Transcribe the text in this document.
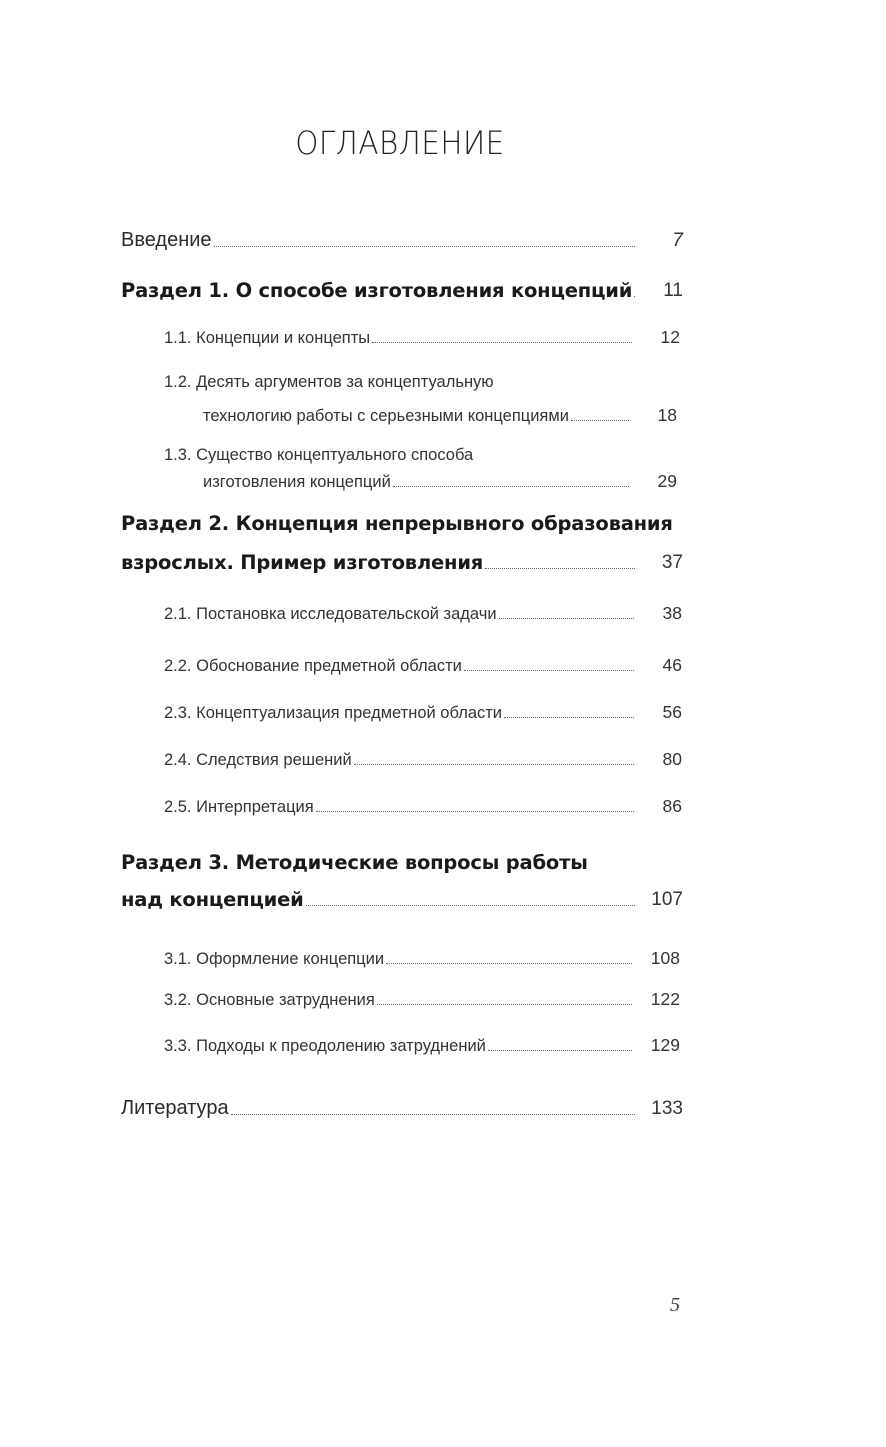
ОГЛАВЛЕНИЕ
Введение	7
Раздел 1. О способе изготовления концепций	11
1.1. Концепции и концепты	12
1.2. Десять аргументов за концептуальную
технологию работы с серьезными концепциями	18
1.3. Существо концептуального способа
изготовления концепций	29
Раздел 2. Концепция непрерывного образования
взрослых. Пример изготовления	37
2.1. Постановка исследовательской задачи	38
2.2. Обоснование предметной области	46
2.3. Концептуализация предметной области	56
2.4. Следствия решений	80
2.5. Интерпретация	86
Раздел 3. Методические вопросы работы
над концепцией	107
3.1. Оформление концепции	108
3.2. Основные затруднения	122
3.3. Подходы к преодолению затруднений	129
Литература	133
5
